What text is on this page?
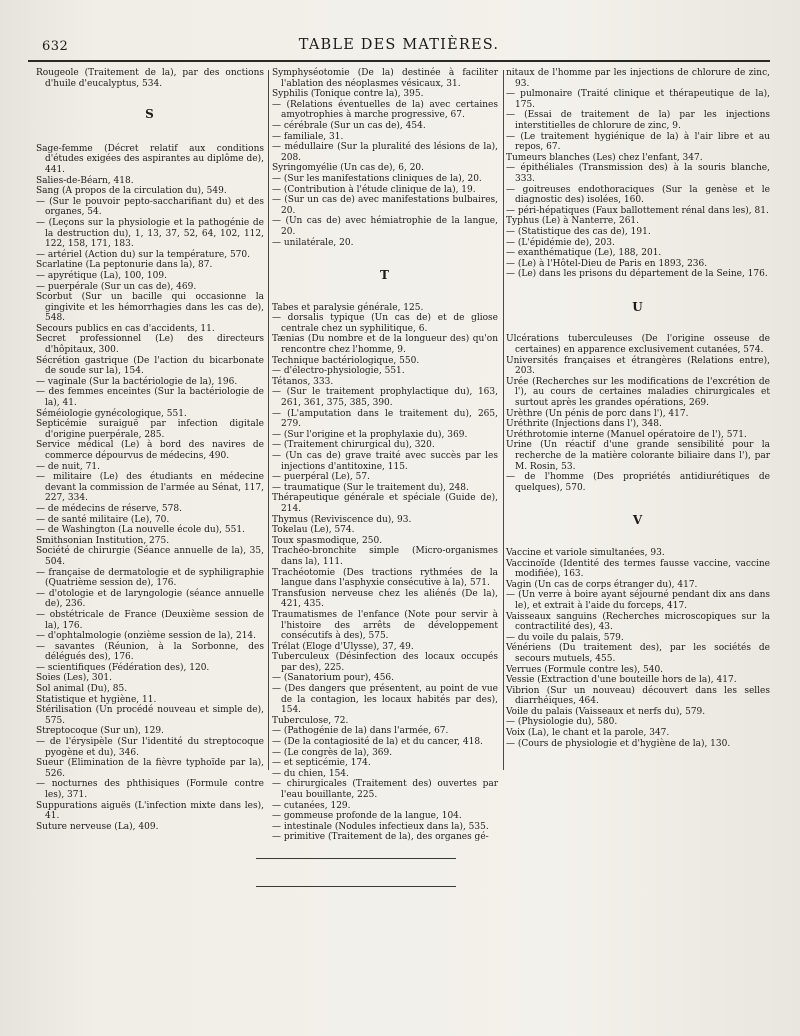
632	TABLE DES MATIÈRES.

Rougeole (Traitement de la), par des onctions d'huile d'eucalyptus, 534.

S

Sage-femme (Décret relatif aux conditions d'études exigées des aspirantes au diplôme de), 441.

Salies-de-Béarn, 418.

Sang (A propos de la circulation du), 549.

— (Sur le pouvoir pepto-saccharifiant du) et des organes, 54.

— (Leçons sur la physiologie et la pathogénie de la destruction du), 1, 13, 37, 52, 64, 102, 112, 122, 158, 171, 183.

— artériel (Action du) sur la température, 570.

Scarlatine (La peptonurie dans la), 87.

— apyrétique (La), 100, 109.

— puerpérale (Sur un cas de), 469.

Scorbut (Sur un bacille qui occasionne la gingivite et les hémorrhagies dans les cas de), 548.

Secours publics en cas d'accidents, 11.

Secret professionnel (Le) des directeurs d'hôpitaux, 300.

Sécrétion gastrique (De l'action du bicarbonate de soude sur la), 154.

— vaginale (Sur la bactériologie de la), 196.

— des femmes enceintes (Sur la bactériologie de la), 41.

Séméiologie gynécologique, 551.

Septicémie suraiguë par infection digitale d'origine puerpérale, 285.

Service médical (Le) à bord des navires de commerce dépourvus de médecins, 490.

— de nuit, 71.

— militaire (Le) des étudiants en médecine devant la commission de l'armée au Sénat, 117, 227, 334.

— de médecins de réserve, 578.

— de santé militaire (Le), 70.

— de Washington (La nouvelle école du), 551.

Smithsonian Institution, 275.

Société de chirurgie (Séance annuelle de la), 35, 504.

— française de dermatologie et de syphiligraphie (Quatrième session de), 176.

— d'otologie et de laryngologie (séance annuelle de), 236.

— obstétricale de France (Deuxième session de la), 176.

— d'ophtalmologie (onzième session de la), 214.

— savantes (Réunion, à la Sorbonne, des délégués des), 176.

— scientifiques (Fédération des), 120.

Soies (Les), 301.

Sol animal (Du), 85.

Statistique et hygiène, 11.

Stérilisation (Un procédé nouveau et simple de), 575.

Streptocoque (Sur un), 129.

— de l'érysipèle (Sur l'identité du streptocoque pyogène et du), 346.

Sueur (Elimination de la fièvre typhoïde par la), 526.

— nocturnes des phthisiques (Formule contre les), 371.

Suppurations aiguës (L'infection mixte dans les), 41.

Suture nerveuse (La), 409.

Symphyséotomie (De la) destinée à faciliter l'ablation des néoplasmes vésicaux, 31.

Syphilis (Tonique contre la), 395.

— (Relations éventuelles de la) avec certaines amyotrophies à marche progressive, 67.

— cérébrale (Sur un cas de), 454.

— familiale, 31.

— médullaire (Sur la pluralité des lésions de la), 208.

Syringomyélie (Un cas de), 6, 20.

— (Sur les manifestations cliniques de la), 20.

— (Contribution à l'étude clinique de la), 19.

— (Sur un cas de) avec manifestations bulbaires, 20.

— (Un cas de) avec hémiatrophie de la langue, 20.

— unilatérale, 20.

T

Tabes et paralysie générale, 125.

— dorsalis typique (Un cas de) et de gliose centrale chez un syphilitique, 6.

Tænias (Du nombre et de la longueur des) qu'on rencontre chez l'homme, 9.

Technique bactériologique, 550.

— d'électro-physiologie, 551.

Tétanos, 333.

— (Sur le traitement prophylactique du), 163, 261, 361, 375, 385, 390.

— (L'amputation dans le traitement du), 265, 279.

— (Sur l'origine et la prophylaxie du), 369.

— (Traitement chirurgical du), 320.

— (Un cas de) grave traité avec succès par les injections d'antitoxine, 115.

— puerpéral (Le), 57.

— traumatique (Sur le traitement du), 248.

Thérapeutique générale et spéciale (Guide de), 214.

Thymus (Reviviscence du), 93.

Tokelau (Le), 574.

Toux spasmodique, 250.

Trachéo-bronchite simple (Micro-organismes dans la), 111.

Trachéotomie (Des tractions rythmées de la langue dans l'asphyxie consécutive à la), 571.

Transfusion nerveuse chez les aliénés (De la), 421, 435.

Traumatismes de l'enfance (Note pour servir à l'histoire des arrêts de développement consécutifs à des), 575.

Trélat (Eloge d'Ulysse), 37, 49.

Tuberculeux (Désinfection des locaux occupés par des), 225.

— (Sanatorium pour), 456.

— (Des dangers que présentent, au point de vue de la contagion, les locaux habités par des), 154.

Tuberculose, 72.

— (Pathogénie de la) dans l'armée, 67.

— (De la contagiosité de la) et du cancer, 418.

— (Le congrès de la), 369.

— et septicémie, 174.

— du chien, 154.

— chirurgicales (Traitement des) ouvertes par l'eau bouillante, 225.

— cutanées, 129.

— gommeuse profonde de la langue, 104.

— intestinale (Nodules infectieux dans la), 535.

— primitive (Traitement de la), des organes gé-

nitaux de l'homme par les injections de chlorure de zinc, 93.

— pulmonaire (Traité clinique et thérapeutique de la), 175.

— (Essai de traitement de la) par les injections interstitielles de chlorure de zinc, 9.

— (Le traitement hygiénique de la) à l'air libre et au repos, 67.

Tumeurs blanches (Les) chez l'enfant, 347.

— épithéliales (Transmission des) à la souris blanche, 333.

— goitreuses endothoraciques (Sur la genèse et le diagnostic des) isolées, 160.

— péri-hépatiques (Faux ballottement rénal dans les), 81.

Typhus (Le) à Nanterre, 261.

— (Statistique des cas de), 191.

— (L'épidémie de), 203.

— exanthématique (Le), 188, 201.

— (Le) à l'Hôtel-Dieu de Paris en 1893, 236.

— (Le) dans les prisons du département de la Seine, 176.

U

Ulcérations tuberculeuses (De l'origine osseuse de certaines) en apparence exclusivement cutanées, 574.

Universités françaises et étrangères (Relations entre), 203.

Urée (Recherches sur les modifications de l'excrétion de l'), au cours de certaines maladies chirurgicales et surtout après les grandes opérations, 269.

Urèthre (Un pénis de porc dans l'), 417.

Uréthrite (Injections dans l'), 348.

Uréthrotomie interne (Manuel opératoire de l'), 571.

Urine (Un réactif d'une grande sensibilité pour la recherche de la matière colorante biliaire dans l'), par M. Rosin, 53.

— de l'homme (Des propriétés antidiurétiques de quelques), 570.

V

Vaccine et variole simultanées, 93.

Vaccinoïde (Identité des termes fausse vaccine, vaccine modifiée), 163.

Vagin (Un cas de corps étranger du), 417.

— (Un verre à boire ayant séjourné pendant dix ans dans le), et extrait à l'aide du forceps, 417.

Vaisseaux sanguins (Recherches microscopiques sur la contractilité des), 43.

— du voile du palais, 579.

Vénériens (Du traitement des), par les sociétés de secours mutuels, 455.

Verrues (Formule contre les), 540.

Vessie (Extraction d'une bouteille hors de la), 417.

Vibrion (Sur un nouveau) découvert dans les selles diarrhéiques, 464.

Voile du palais (Vaisseaux et nerfs du), 579.

— (Physiologie du), 580.

Voix (La), le chant et la parole, 347.

— (Cours de physiologie et d'hygiène de la), 130.
